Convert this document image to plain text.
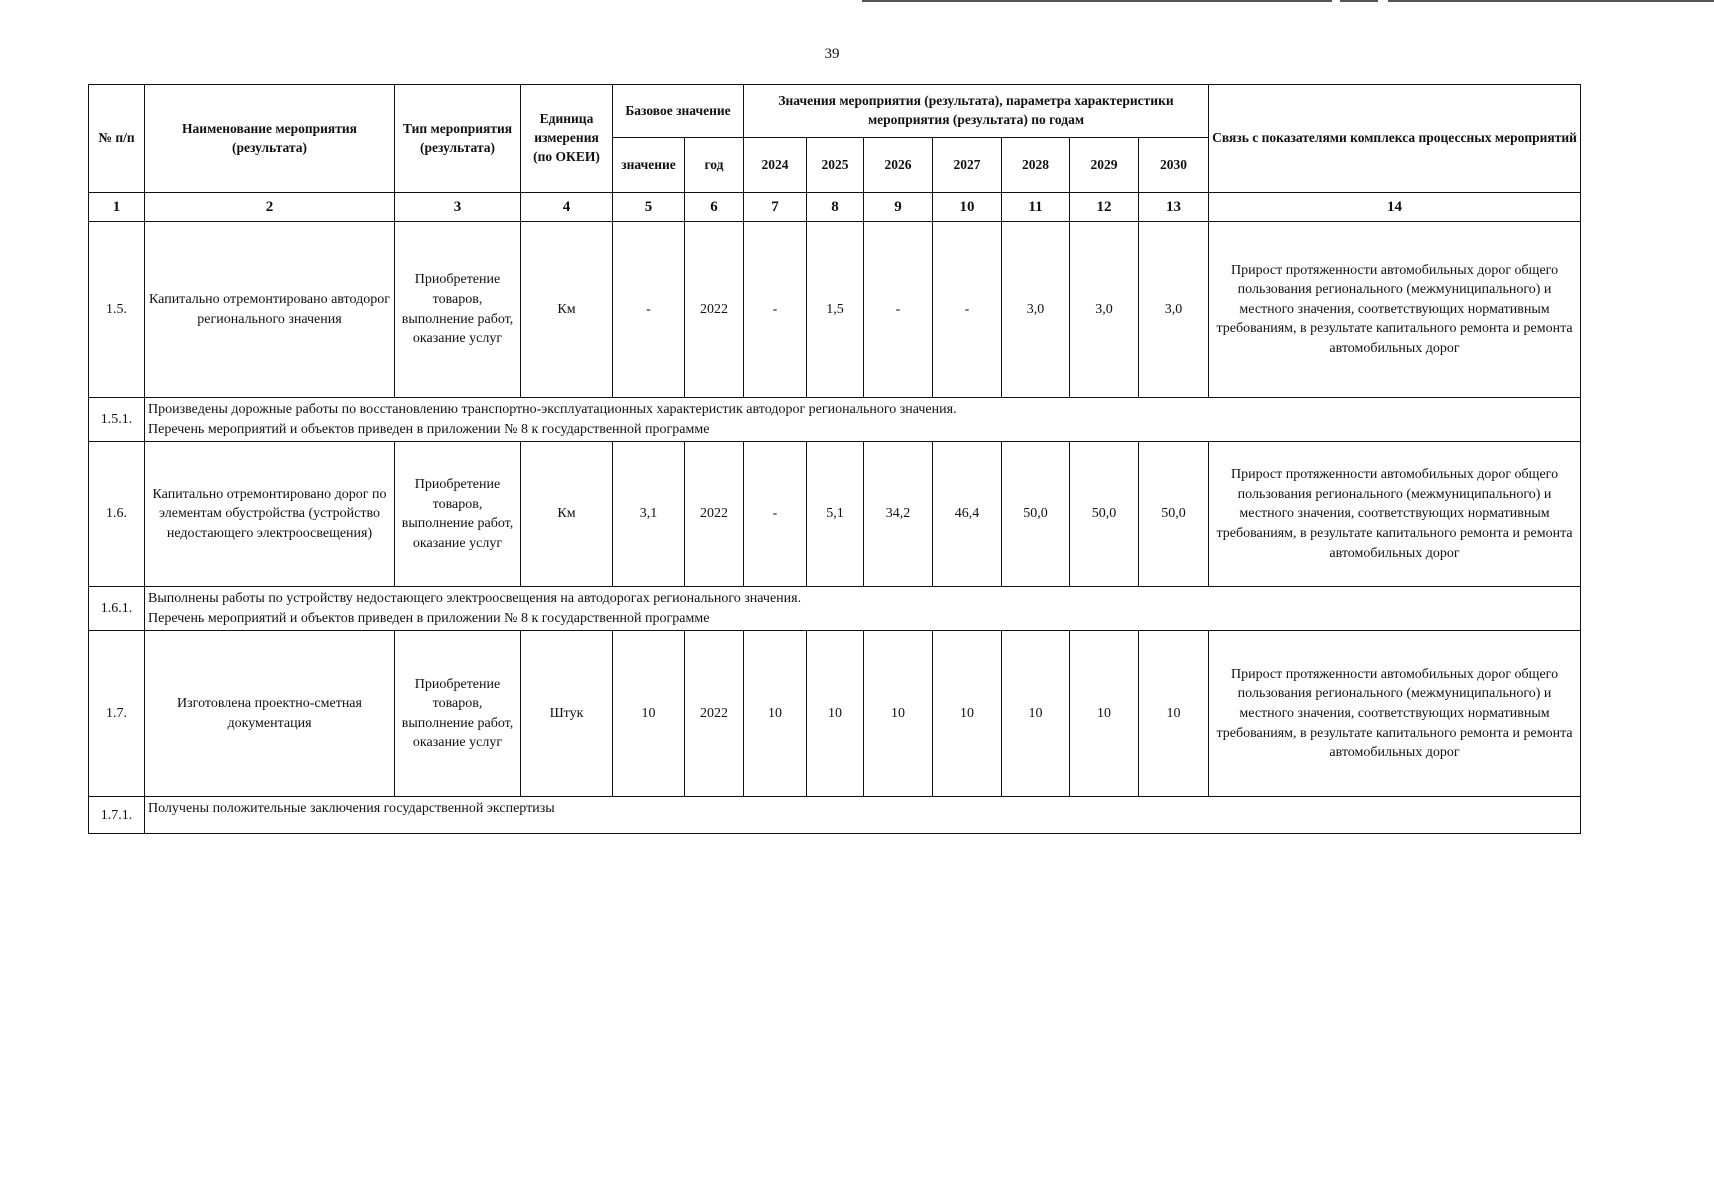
39
№ п/п	Наименование мероприятия (результата)	Тип мероприятия (результата)	Единица измерения (по ОКЕИ)	Базовое значение		Значения мероприятия (результата), параметра характеристики мероприятия (результата) по годам							Связь с показателями комплекса процессных мероприятий
				значение	год	2024	2025	2026	2027	2028	2029	2030	
1	2	3	4	5	6	7	8	9	10	11	12	13	14
1.5.	Капитально отремонтировано автодорог регионального значения	Приобретение товаров, выполнение работ, оказание услуг	Км	-	2022	-	1,5	-	-	3,0	3,0	3,0	Прирост протяженности автомобильных дорог общего пользования регионального (межмуниципального) и местного значения, соответствующих нормативным требованиям, в результате капитального ремонта и ремонта автомобильных дорог
1.5.1.	Произведены дорожные работы по восстановлению транспортно-эксплуатационных характеристик автодорог регионального значения.
Перечень мероприятий и объектов приведен в приложении № 8 к государственной программе												

1.6.	Капитально отремонтировано дорог по элементам обустройства (устройство недостающего электроосвещения)	Приобретение товаров, выполнение работ, оказание услуг	Км	3,1	2022	-	5,1	34,2	46,4	50,0	50,0	50,0	Прирост протяженности автомобильных дорог общего пользования регионального (межмуниципального) и местного значения, соответствующих нормативным требованиям, в результате капитального ремонта и ремонта автомобильных дорог
1.6.1.	Выполнены работы по устройству недостающего электроосвещения на автодорогах регионального значения.
Перечень мероприятий и объектов приведен в приложении № 8 к государственной программе												

1.7.	Изготовлена проектно-сметная документация	Приобретение товаров, выполнение работ, оказание услуг	Штук	10	2022	10	10	10	10	10	10	10	Прирост протяженности автомобильных дорог общего пользования регионального (межмуниципального) и местного значения, соответствующих нормативным требованиям, в результате капитального ремонта и ремонта автомобильных дорог
1.7.1.	Получены положительные заключения государственной экспертизы												
